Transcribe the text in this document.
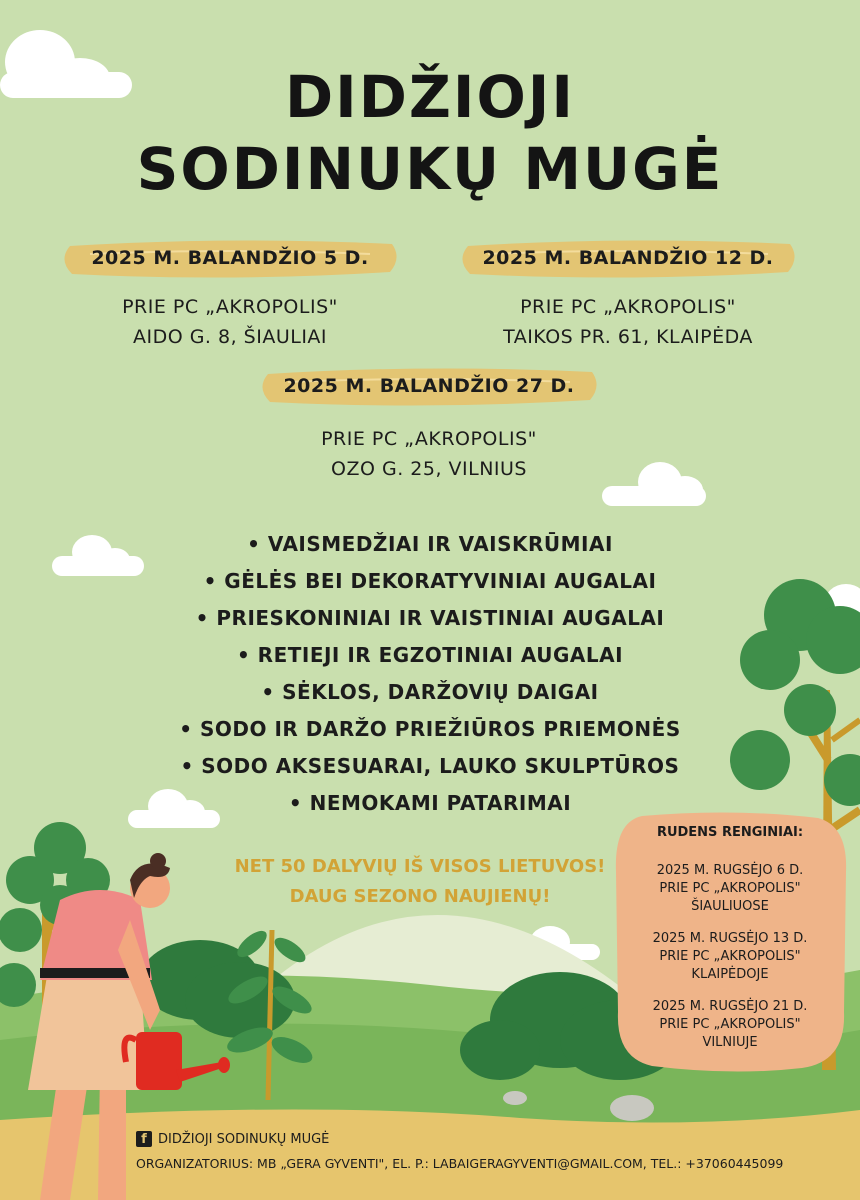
DIDŽIOJI
SODINUKŲ MUGĖ
2025 M. BALANDŽIO 5 D.
PRIE PC „AKROPOLIS"
AIDO G. 8, ŠIAULIAI
2025 M. BALANDŽIO 12 D.
PRIE PC „AKROPOLIS"
TAIKOS PR. 61, KLAIPĖDA
2025 M. BALANDŽIO 27 D.
PRIE PC „AKROPOLIS"
OZO G. 25, VILNIUS
• VAISMEDŽIAI IR VAISKRŪMIAI
• GĖLĖS BEI DEKORATYVINIAI AUGALAI
• PRIESKONINIAI IR VAISTINIAI AUGALAI
• RETIEJI IR EGZOTINIAI AUGALAI
• SĖKLOS, DARŽOVIŲ DAIGAI
• SODO IR DARŽO PRIEŽIŪROS PRIEMONĖS
• SODO AKSESUARAI, LAUKO SKULPTŪROS
• NEMOKAMI PATARIMAI
NET 50 DALYVIŲ IŠ VISOS LIETUVOS!
DAUG SEZONO NAUJIENŲ!
RUDENS RENGINIAI:
2025 M. RUGSĖJO 6 D.
PRIE PC „AKROPOLIS"
ŠIAULIUOSE
2025 M. RUGSĖJO 13 D.
PRIE PC „AKROPOLIS"
KLAIPĖDOJE
2025 M. RUGSĖJO 21 D.
PRIE PC „AKROPOLIS"
VILNIUJE
f DIDŽIOJI SODINUKŲ MUGĖ
ORGANIZATORIUS: MB „GERA GYVENTI", EL. P.: LABAIGERAGYVENTI@GMAIL.COM, TEL.: +37060445099
